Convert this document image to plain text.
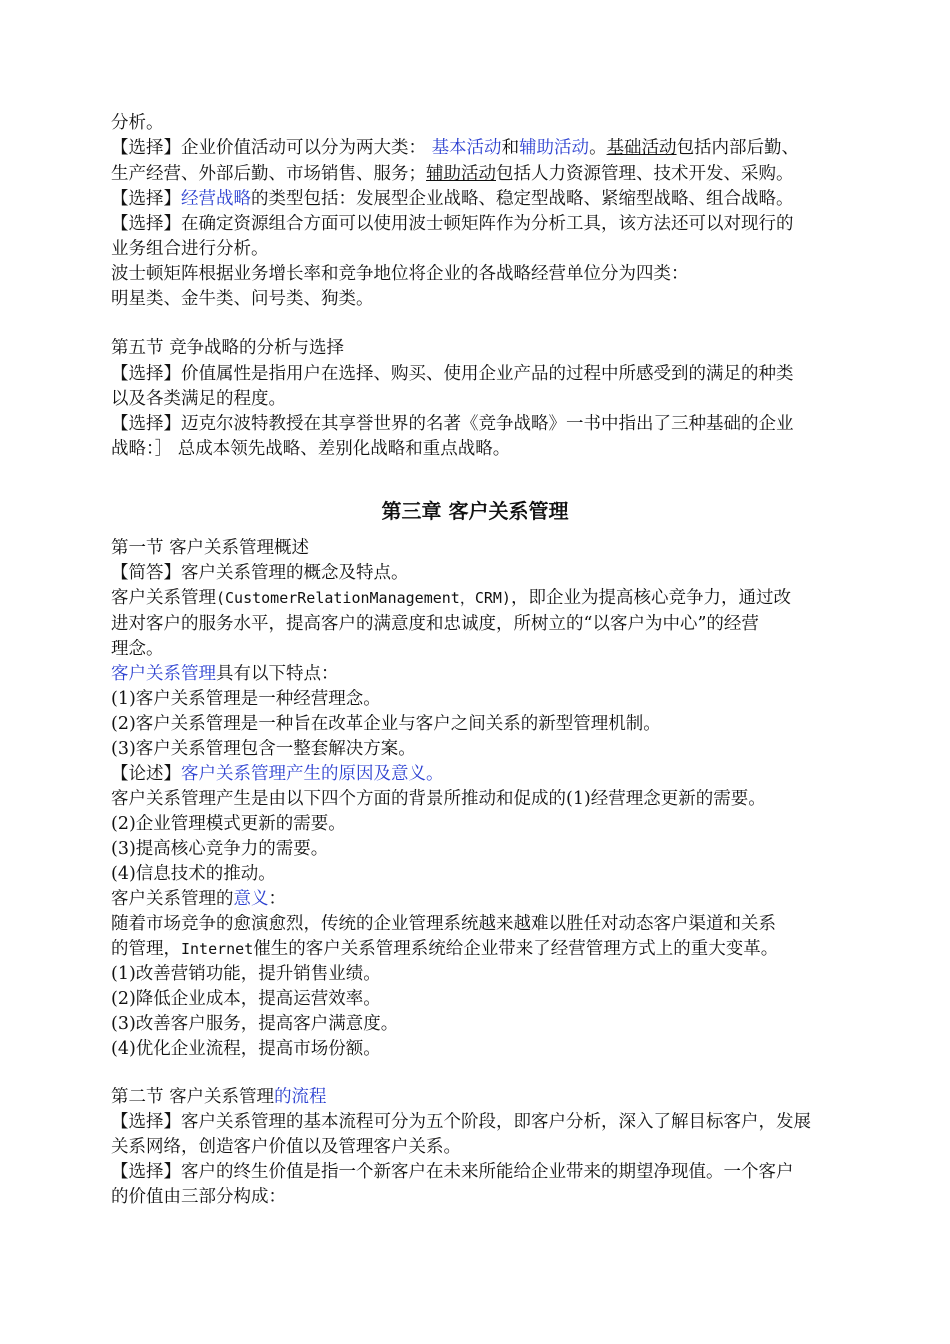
第三章 客户关系管理
分析。
【选择】企业价值活动可以分为两大类： 基本活动和辅助活动。基础活动包括内部后勤、
生产经营、外部后勤、市场销售、服务；辅助活动包括人力资源管理、技术开发、采购。
【选择】经营战略的类型包括：发展型企业战略、稳定型战略、紧缩型战略、组合战略。
【选择】在确定资源组合方面可以使用波士顿矩阵作为分析工具，该方法还可以对现行的
业务组合进行分析。
波士顿矩阵根据业务增长率和竞争地位将企业的各战略经营单位分为四类：
明星类、金牛类、问号类、狗类。
第五节 竞争战略的分析与选择
【选择】价值属性是指用户在选择、购买、使用企业产品的过程中所感受到的满足的种类
以及各类满足的程度。
【选择】迈克尔波特教授在其享誉世界的名著《竞争战略》一书中指出了三种基础的企业
战略：］ 总成本领先战略、差别化战略和重点战略。
第一节 客户关系管理概述
【简答】客户关系管理的概念及特点。
客户关系管理(CustomerRelationManagement，CRM)，即企业为提高核心竞争力，通过改
进对客户的服务水平，提高客户的满意度和忠诚度，所树立的“以客户为中心”的经营
理念。
客户关系管理具有以下特点：
(1)客户关系管理是一种经营理念。
(2)客户关系管理是一种旨在改革企业与客户之间关系的新型管理机制。
(3)客户关系管理包含一整套解决方案。
【论述】客户关系管理产生的原因及意义。
客户关系管理产生是由以下四个方面的背景所推动和促成的(1)经营理念更新的需要。
(2)企业管理模式更新的需要。
(3)提高核心竞争力的需要。
(4)信息技术的推动。
客户关系管理的意义：
随着市场竞争的愈演愈烈，传统的企业管理系统越来越难以胜任对动态客户渠道和关系
的管理，Internet催生的客户关系管理系统给企业带来了经营管理方式上的重大变革。
(1)改善营销功能，提升销售业绩。
(2)降低企业成本，提高运营效率。
(3)改善客户服务，提高客户满意度。
(4)优化企业流程，提高市场份额。
第二节 客户关系管理的流程
【选择】客户关系管理的基本流程可分为五个阶段，即客户分析，深入了解目标客户，发展
关系网络，创造客户价值以及管理客户关系。
【选择】客户的终生价值是指一个新客户在未来所能给企业带来的期望净现值。一个客户
的价值由三部分构成：
